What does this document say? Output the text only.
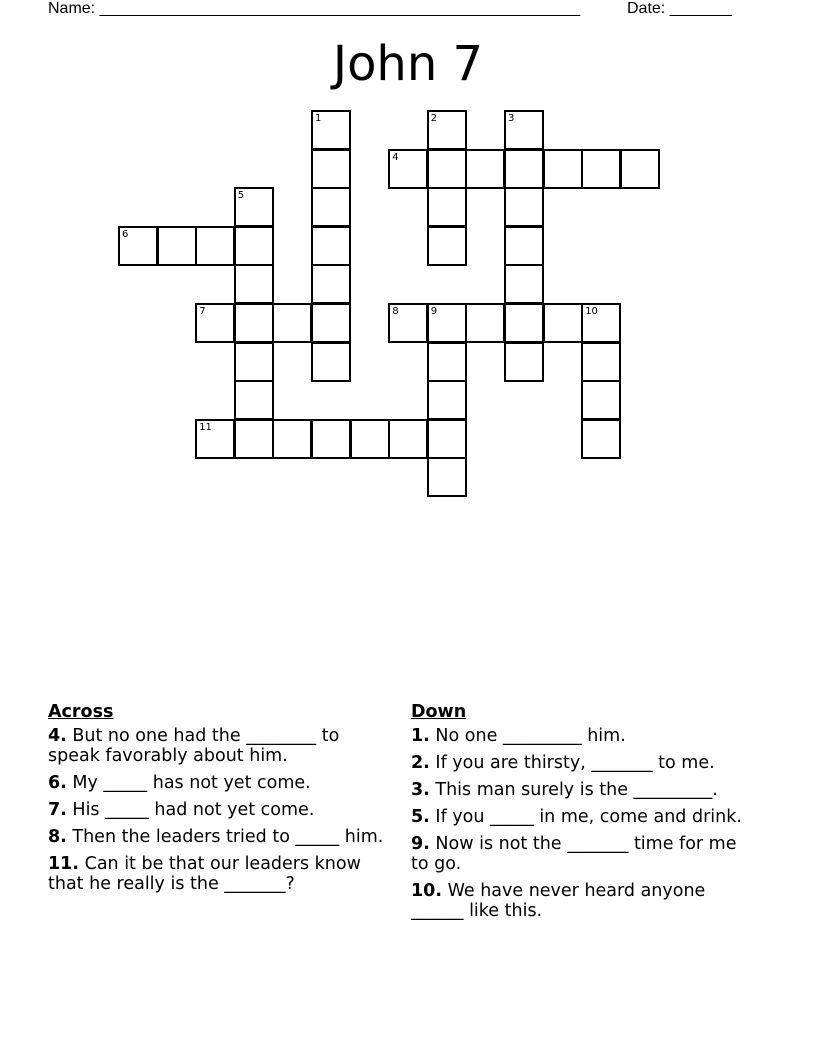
Name: ______________________________________________________	Date: _______
John 7
1	2	3
4
5
6
7	8	9	10
11
Across
4. But no one had the ________ to speak favorably about him.
6. My _____ has not yet come.
7. His _____ had not yet come.
8. Then the leaders tried to _____ him.
11. Can it be that our leaders know that he really is the _______?
Down
1. No one _________ him.
2. If you are thirsty, _______ to me.
3. This man surely is the _________.
5. If you _____ in me, come and drink.
9. Now is not the _______ time for me to go.
10. We have never heard anyone ______ like this.
